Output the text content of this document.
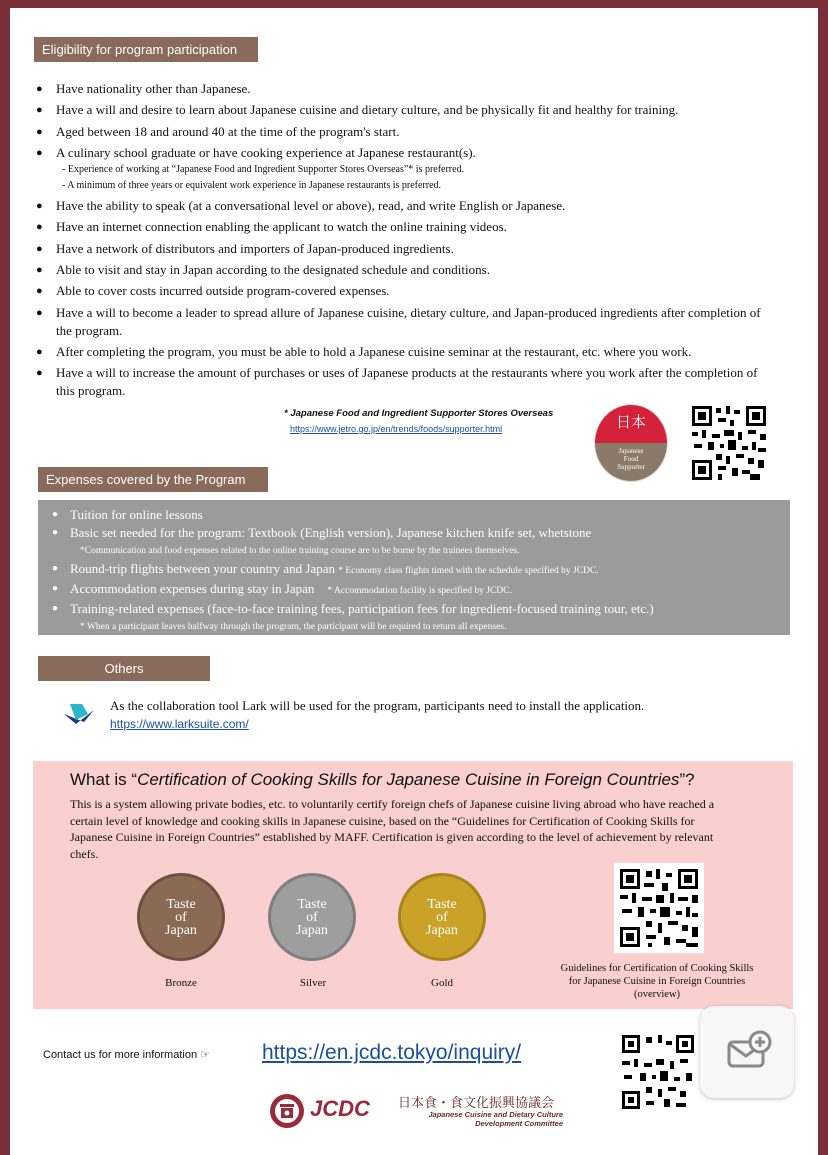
Eligibility for program participation
● Have nationality other than Japanese.
● Have a will and desire to learn about Japanese cuisine and dietary culture, and be physically fit and healthy for training.
● Aged between 18 and around 40 at the time of the program's start.
● A culinary school graduate or have cooking experience at Japanese restaurant(s).
- Experience of working at “Japanese Food and Ingredient Supporter Stores Overseas”* is preferred.
- A minimum of three years or equivalent work experience in Japanese restaurants is preferred.
● Have the ability to speak (at a conversational level or above), read, and write English or Japanese.
● Have an internet connection enabling the applicant to watch the online training videos.
● Have a network of distributors and importers of Japan-produced ingredients.
● Able to visit and stay in Japan according to the designated schedule and conditions.
● Able to cover costs incurred outside program-covered expenses.
● Have a will to become a leader to spread allure of Japanese cuisine, dietary culture, and Japan-produced ingredients after completion of the program.
● After completing the program, you must be able to hold a Japanese cuisine seminar at the restaurant, etc. where you work.
● Have a will to increase the amount of purchases or uses of Japanese products at the restaurants where you work after the completion of this program.
* Japanese Food and Ingredient Supporter Stores Overseas
https://www.jetro.go.jp/en/trends/foods/supporter.html	日本
Japanese
Food
Supporter
Expenses covered by the Program
● Tuition for online lessons
● Basic set needed for the program: Textbook (English version), Japanese kitchen knife set, whetstone
*Communication and food expenses related to the online training course are to be borne by the trainees themselves.
● Round-trip flights between your country and Japan * Economy class flights timed with the schedule specified by JCDC.
● Accommodation expenses during stay in Japan * Accommodation facility is specified by JCDC.
● Training-related expenses (face-to-face training fees, participation fees for ingredient-focused training tour, etc.)
* When a participant leaves halfway through the program, the participant will be required to return all expenses.
Others
As the collaboration tool Lark will be used for the program, participants need to install the application.
https://www.larksuite.com/
What is “Certification of Cooking Skills for Japanese Cuisine in Foreign Countries”?
This is a system allowing private bodies, etc. to voluntarily certify foreign chefs of Japanese cuisine living abroad who have reached a certain level of knowledge and cooking skills in Japanese cuisine, based on the “Guidelines for Certification of Cooking Skills for Japanese Cuisine in Foreign Countries” established by MAFF. Certification is given according to the level of achievement by relevant chefs.
Taste
of
Japan
Taste
of
Japan
Taste
of
Japan
Bronze	Silver	Gold
Guidelines for Certification of Cooking Skills for Japanese Cuisine in Foreign Countries (overview)
Contact us for more information ☞ https://en.jcdc.tokyo/inquiry/
JCDC 日本食・食文化振興協議会
Japanese Cuisine and Dietary Culture
Development Committee
